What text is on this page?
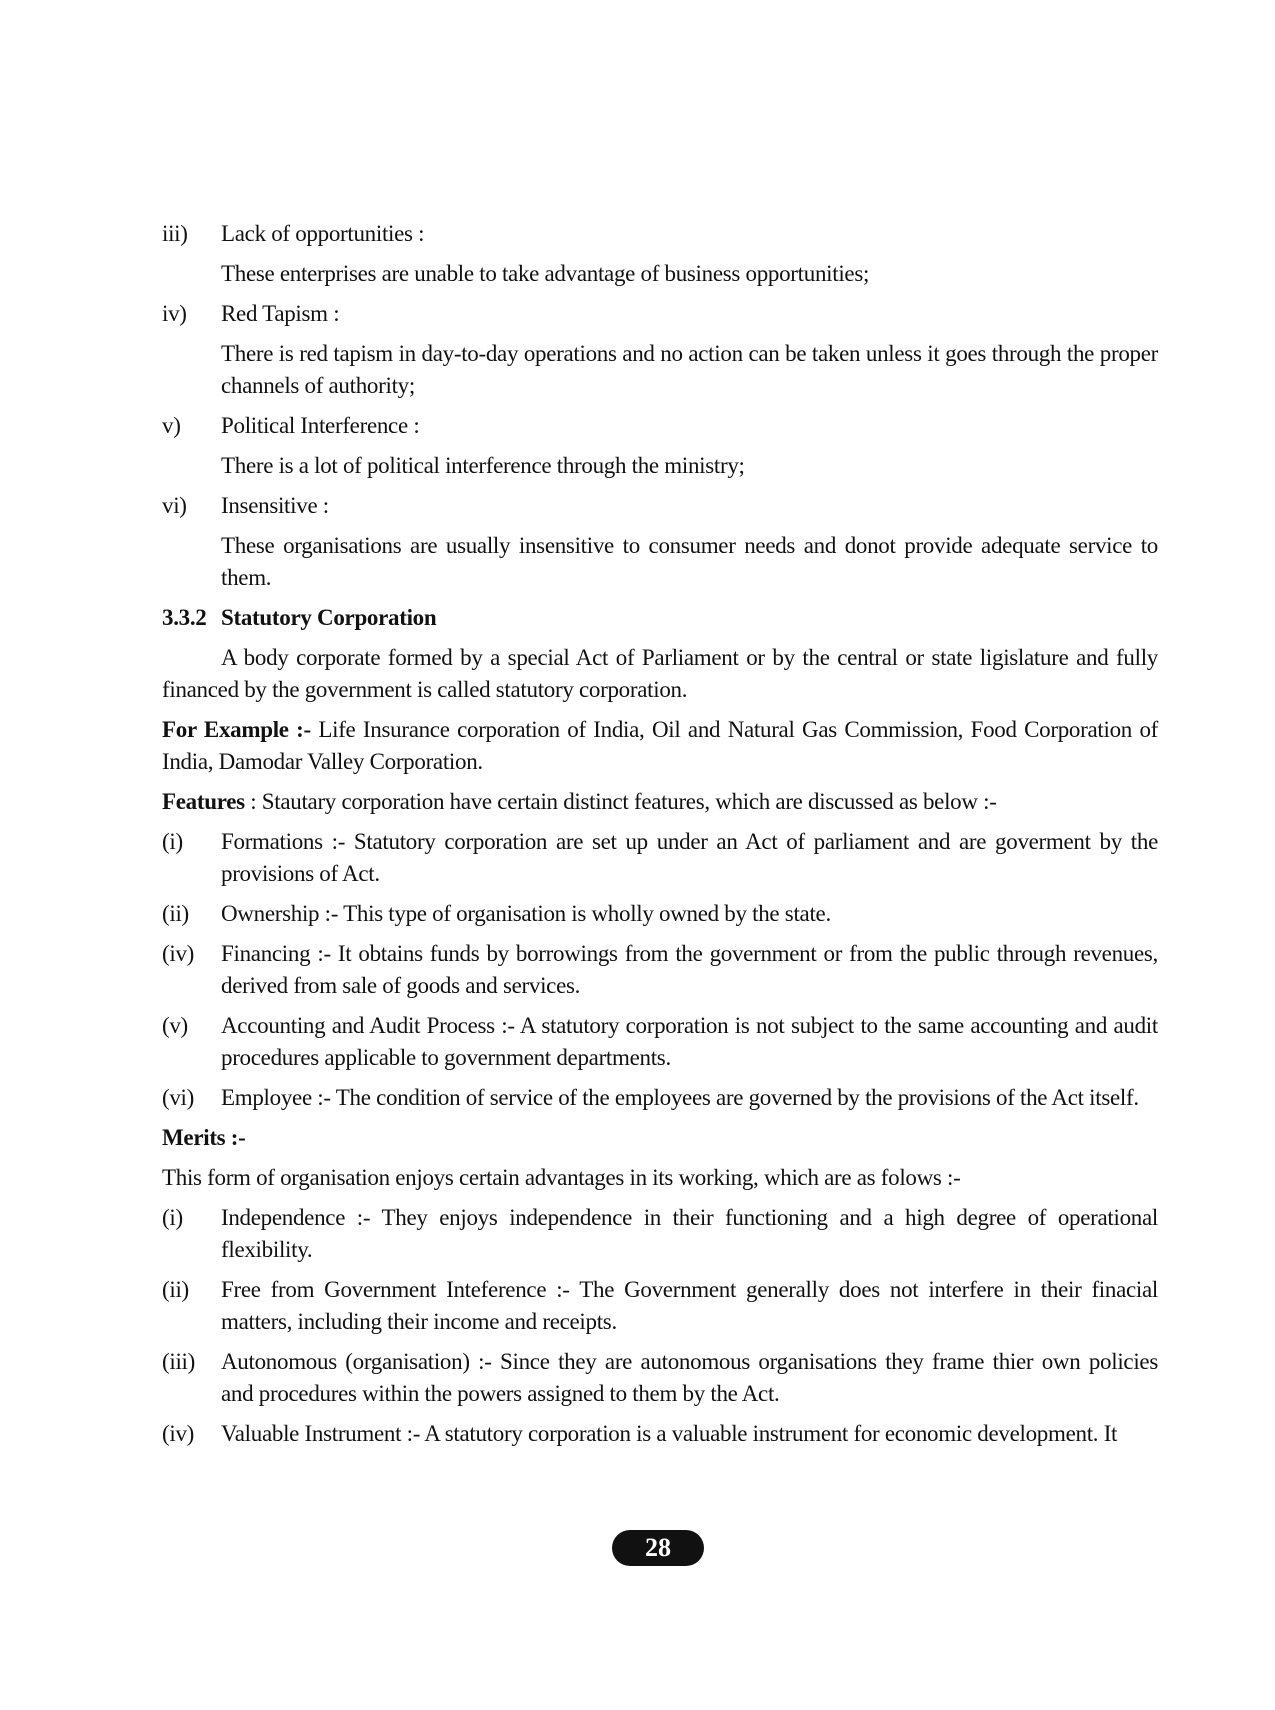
iii)	Lack of opportunities :
These enterprises are unable to take advantage of business opportunities;
iv)	Red Tapism :
There is red tapism in day-to-day operations and no action can be taken unless it goes through the proper channels of authority;
v)	Political Interference :
There is a lot of political interference through the ministry;
vi)	Insensitive :
These organisations are usually insensitive to consumer needs and donot provide adequate service to them.
3.3.2 Statutory Corporation
A body corporate formed by a special Act of Parliament or by the central or state ligislature and fully financed by the government is called statutory corporation.
For Example :- Life Insurance corporation of India, Oil and Natural Gas Commission, Food Corporation of India, Damodar Valley Corporation.
Features : Stautary corporation have certain distinct features, which are discussed as below :-
(i)	Formations :- Statutory corporation are set up under an Act of parliament and are goverment by the provisions of Act.
(ii)	Ownership :- This type of organisation is wholly owned by the state.
(iv)	Financing :- It obtains funds by borrowings from the government or from the public through revenues, derived from sale of goods and services.
(v)	Accounting and Audit Process :- A statutory corporation is not subject to the same accounting and audit procedures applicable to government departments.
(vi)	Employee :- The condition of service of the employees are governed by the provisions of the Act itself.
Merits :-
This form of organisation enjoys certain advantages in its working, which are as folows :-
(i)	Independence :- They enjoys independence in their functioning and a high degree of operational flexibility.
(ii)	Free from Government Inteference :- The Government generally does not interfere in their finacial matters, including their income and receipts.
(iii)	Autonomous (organisation) :- Since they are autonomous organisations they frame thier own policies and procedures within the powers assigned to them by the Act.
(iv)	Valuable Instrument :- A statutory corporation is a valuable instrument for economic development. It
28
